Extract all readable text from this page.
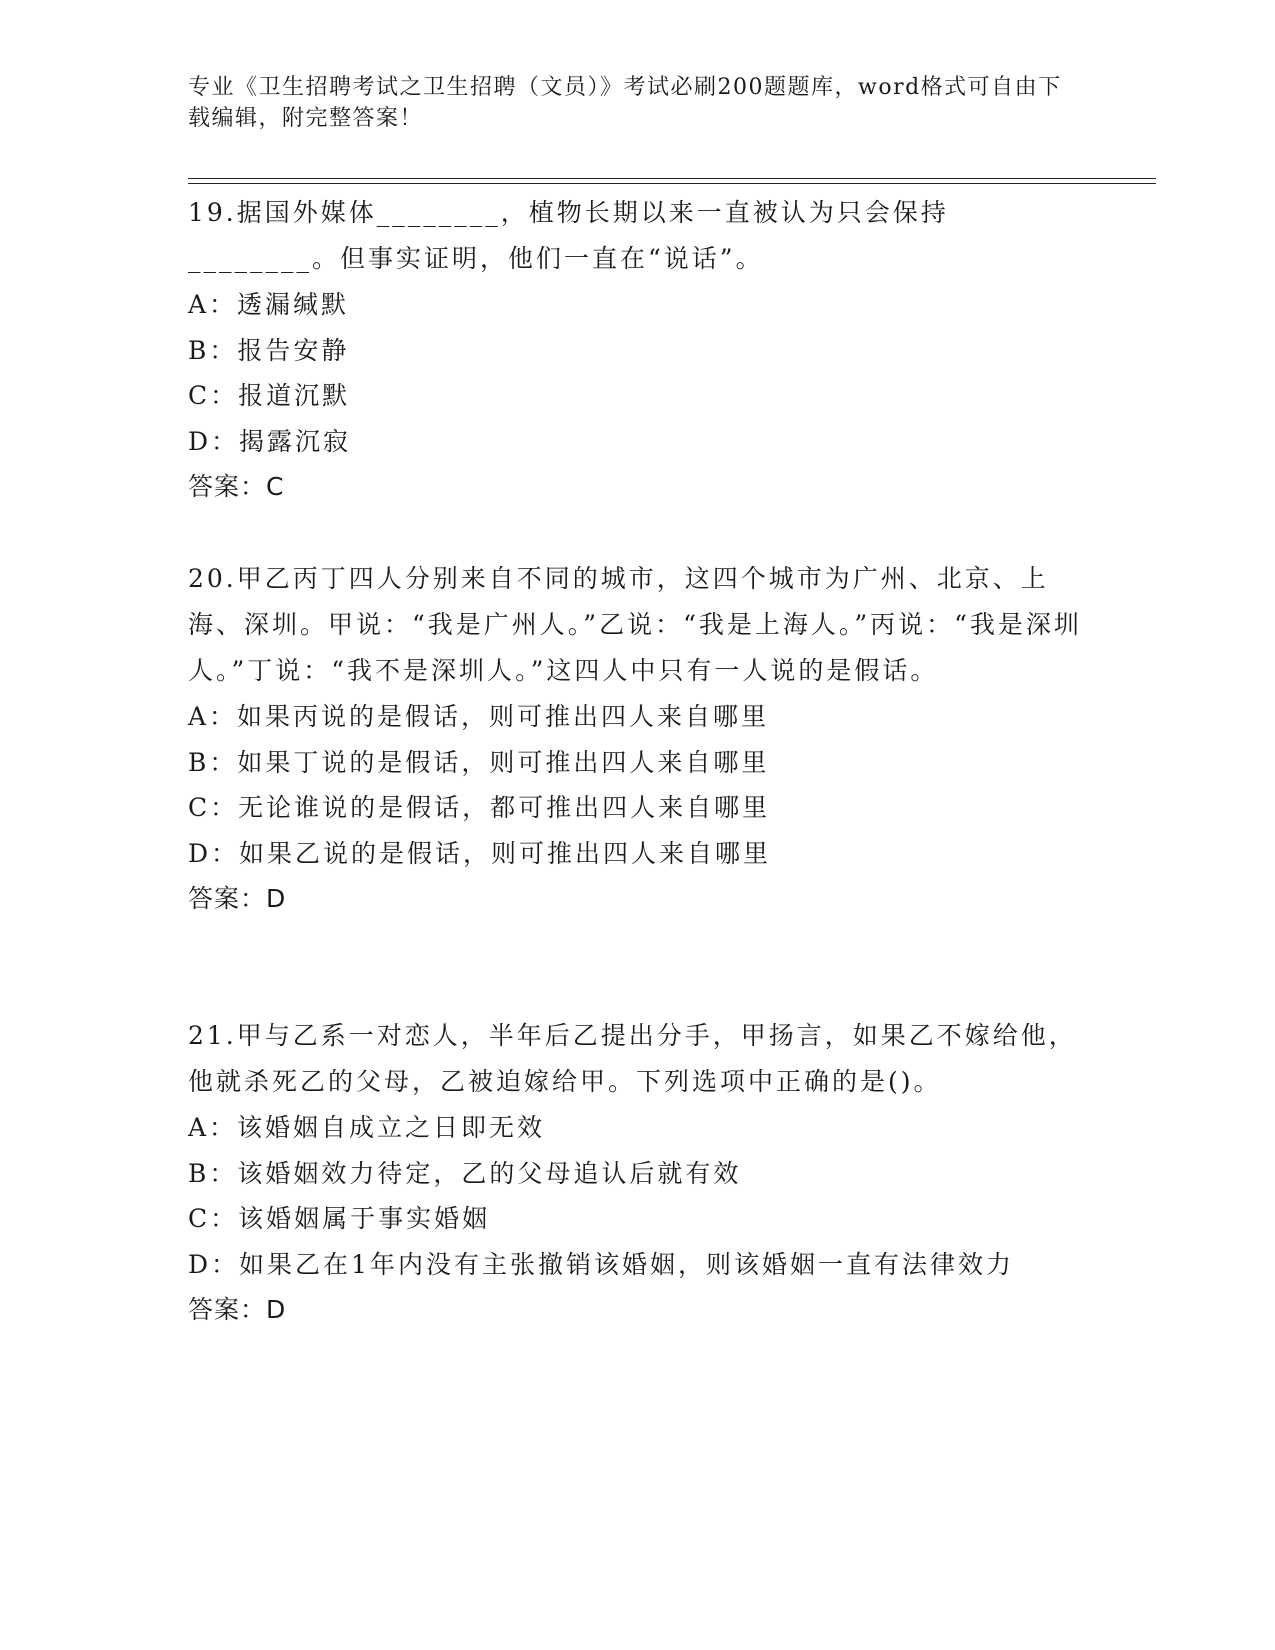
专业《卫生招聘考试之卫生招聘（文员）》考试必刷200题题库，word格式可自由下载编辑，附完整答案！
19.据国外媒体________，植物长期以来一直被认为只会保持________。但事实证明，他们一直在“说话”。
A：透漏缄默
B：报告安静
C：报道沉默
D：揭露沉寂
答案：C
20.甲乙丙丁四人分别来自不同的城市，这四个城市为广州、北京、上海、深圳。甲说：“我是广州人。”乙说：“我是上海人。”丙说：“我是深圳人。”丁说：“我不是深圳人。”这四人中只有一人说的是假话。
A：如果丙说的是假话，则可推出四人来自哪里
B：如果丁说的是假话，则可推出四人来自哪里
C：无论谁说的是假话，都可推出四人来自哪里
D：如果乙说的是假话，则可推出四人来自哪里
答案：D
21.甲与乙系一对恋人，半年后乙提出分手，甲扬言，如果乙不嫁给他，他就杀死乙的父母，乙被迫嫁给甲。下列选项中正确的是()。
A：该婚姻自成立之日即无效
B：该婚姻效力待定，乙的父母追认后就有效
C：该婚姻属于事实婚姻
D：如果乙在1年内没有主张撤销该婚姻，则该婚姻一直有法律效力
答案：D
